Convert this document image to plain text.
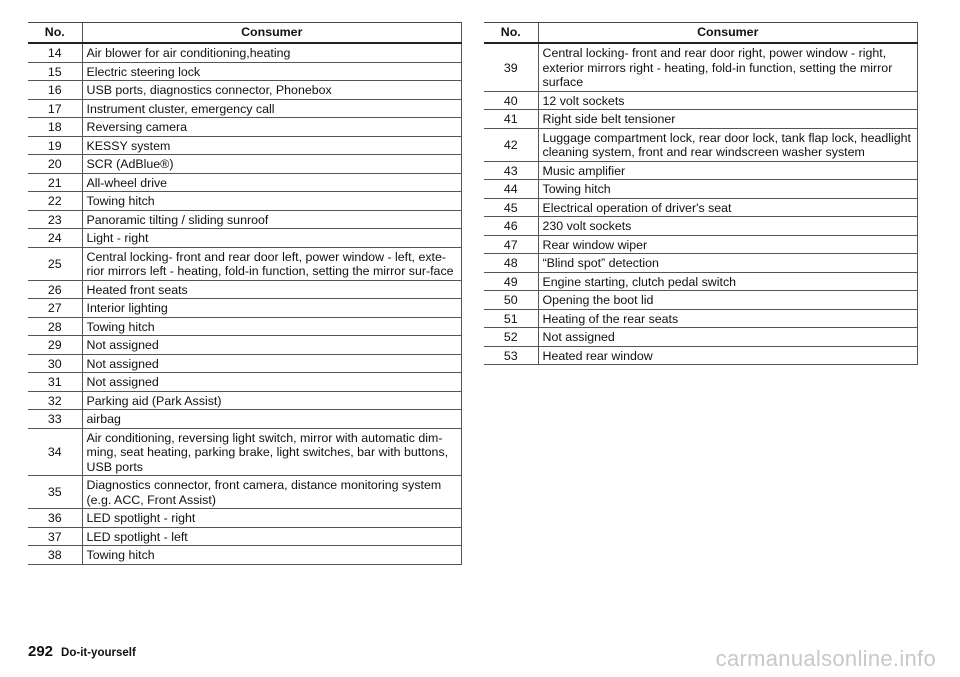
No.	Consumer
14	Air blower for air conditioning,heating
15	Electric steering lock
16	USB ports, diagnostics connector, Phonebox
17	Instrument cluster, emergency call
18	Reversing camera
19	KESSY system
20	SCR (AdBlue®)
21	All-wheel drive
22	Towing hitch
23	Panoramic tilting / sliding sunroof
24	Light - right
25	Central locking- front and rear door left, power window - left, exte-rior mirrors left - heating, fold-in function, setting the mirror sur-face
26	Heated front seats
27	Interior lighting
28	Towing hitch
29	Not assigned
30	Not assigned
31	Not assigned
32	Parking aid (Park Assist)
33	airbag
34	Air conditioning, reversing light switch, mirror with automatic dim-ming, seat heating, parking brake, light switches, bar with buttons, USB ports
35	Diagnostics connector, front camera, distance monitoring system (e.g. ACC, Front Assist)
36	LED spotlight - right
37	LED spotlight - left
38	Towing hitch
No.	Consumer
39	Central locking- front and rear door right, power window - right, exterior mirrors right - heating, fold-in function, setting the mirror surface
40	12 volt sockets
41	Right side belt tensioner
42	Luggage compartment lock, rear door lock, tank flap lock, headlight cleaning system, front and rear windscreen washer system
43	Music amplifier
44	Towing hitch
45	Electrical operation of driver's seat
46	230 volt sockets
47	Rear window wiper
48	“Blind spot” detection
49	Engine starting, clutch pedal switch
50	Opening the boot lid
51	Heating of the rear seats
52	Not assigned
53	Heated rear window
292 Do-it-yourself	carmanualsonline.info
